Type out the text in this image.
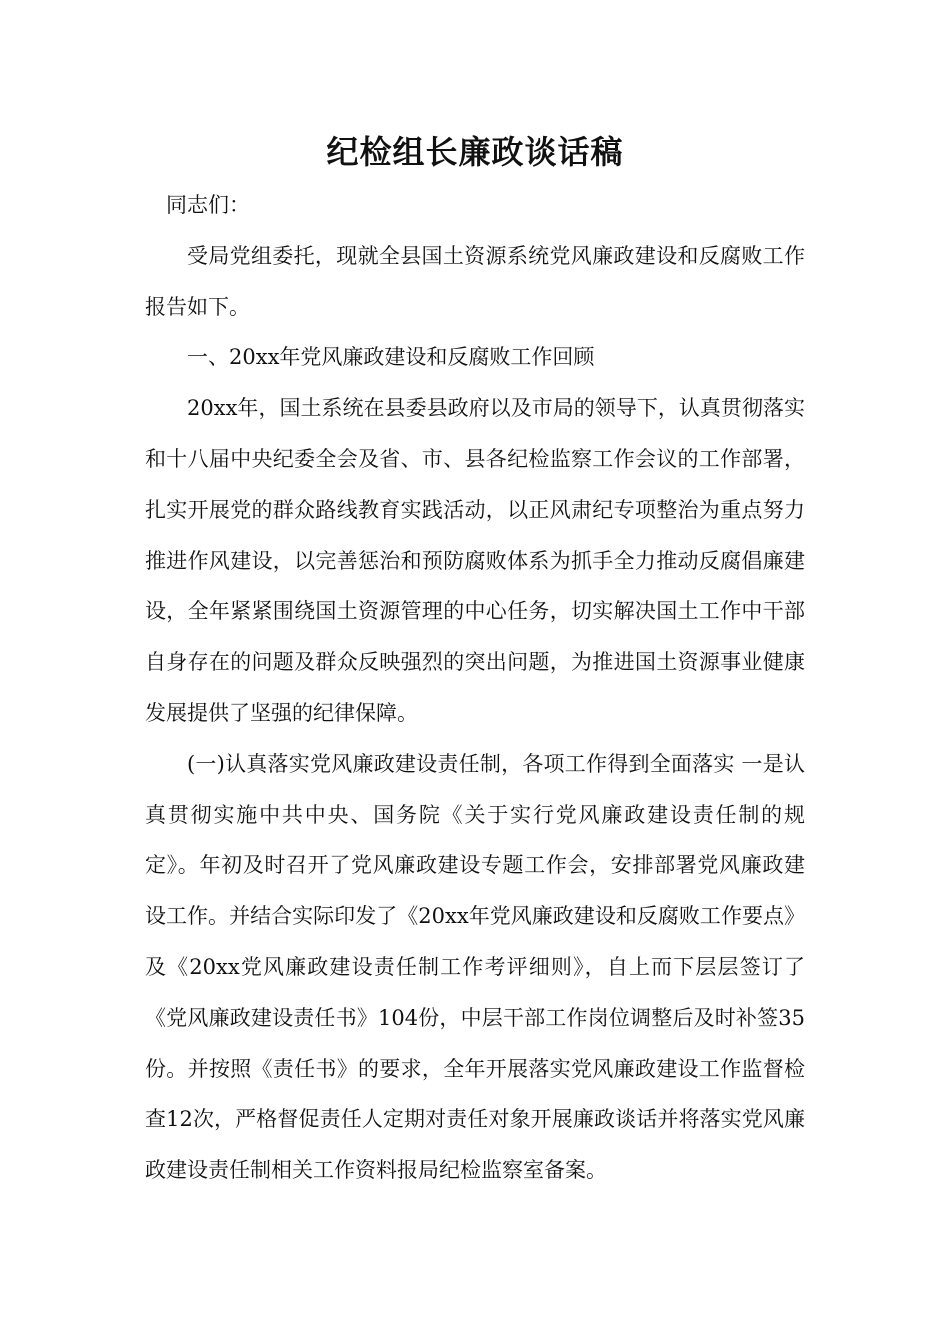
纪检组长廉政谈话稿

同志们：

受局党组委托，现就全县国土资源系统党风廉政建设和反腐败工作报告如下。

一、20xx年党风廉政建设和反腐败工作回顾

20xx年，国土系统在县委县政府以及市局的领导下，认真贯彻落实和十八届中央纪委全会及省、市、县各纪检监察工作会议的工作部署，扎实开展党的群众路线教育实践活动，以正风肃纪专项整治为重点努力推进作风建设，以完善惩治和预防腐败体系为抓手全力推动反腐倡廉建设，全年紧紧围绕国土资源管理的中心任务，切实解决国土工作中干部自身存在的问题及群众反映强烈的突出问题，为推进国土资源事业健康发展提供了坚强的纪律保障。

(一)认真落实党风廉政建设责任制，各项工作得到全面落实 一是认真贯彻实施中共中央、国务院《关于实行党风廉政建设责任制的规定》。年初及时召开了党风廉政建设专题工作会，安排部署党风廉政建设工作。并结合实际印发了《20xx年党风廉政建设和反腐败工作要点》及《20xx党风廉政建设责任制工作考评细则》，自上而下层层签订了《党风廉政建设责任书》104份，中层干部工作岗位调整后及时补签35份。并按照《责任书》的要求，全年开展落实党风廉政建设工作监督检查12次，严格督促责任人定期对责任对象开展廉政谈话并将落实党风廉政建设责任制相关工作资料报局纪检监察室备案。
